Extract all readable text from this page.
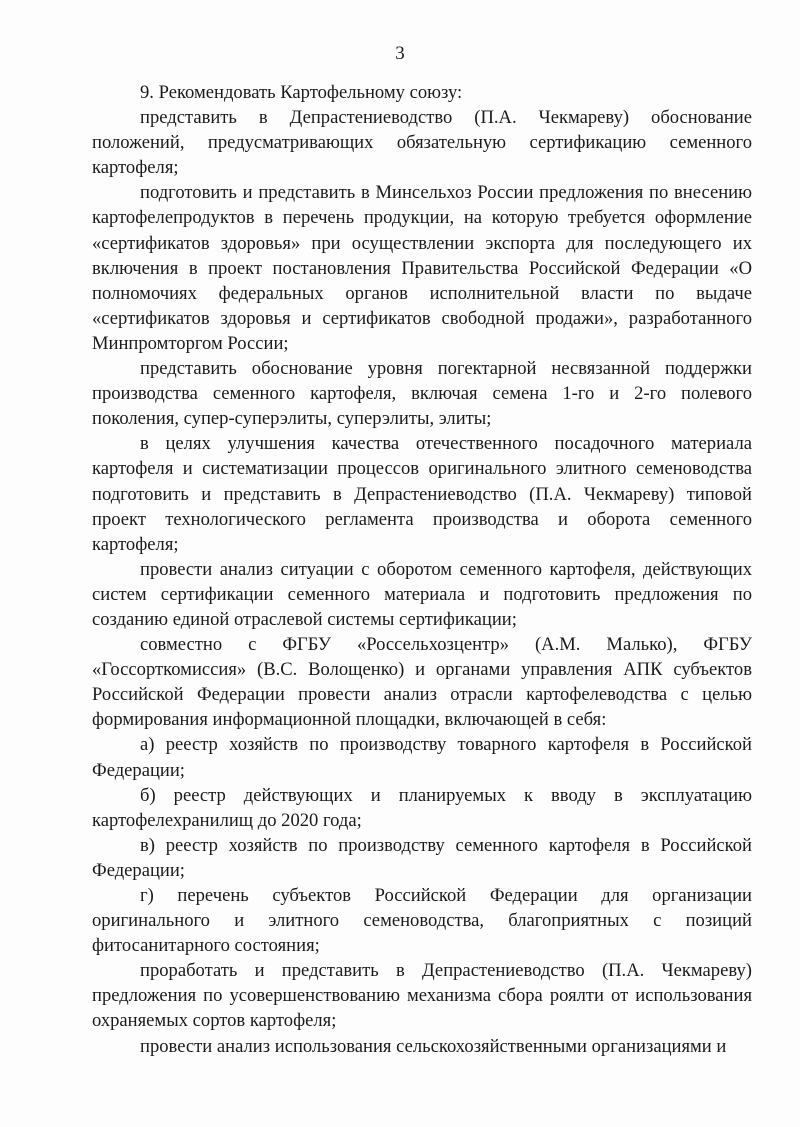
3

9. Рекомендовать Картофельному союзу:

представить в Депрастениеводство (П.А. Чекмареву) обоснование положений, предусматривающих обязательную сертификацию семенного картофеля;

подготовить и представить в Минсельхоз России предложения по внесению картофелепродуктов в перечень продукции, на которую требуется оформление «сертификатов здоровья» при осуществлении экспорта для последующего их включения в проект постановления Правительства Российской Федерации «О полномочиях федеральных органов исполнительной власти по выдаче «сертификатов здоровья и сертификатов свободной продажи», разработанного Минпромторгом России;

представить обоснование уровня погектарной несвязанной поддержки производства семенного картофеля, включая семена 1-го и 2-го полевого поколения, супер-суперэлиты, суперэлиты, элиты;

в целях улучшения качества отечественного посадочного материала картофеля и систематизации процессов оригинального элитного семеноводства подготовить и представить в Депрастениеводство (П.А. Чекмареву) типовой проект технологического регламента производства и оборота семенного картофеля;

провести анализ ситуации с оборотом семенного картофеля, действующих систем сертификации семенного материала и подготовить предложения по созданию единой отраслевой системы сертификации;

совместно с ФГБУ «Россельхозцентр» (А.М. Малько), ФГБУ «Госсорткомиссия» (В.С. Волощенко) и органами управления АПК субъектов Российской Федерации провести анализ отрасли картофелеводства с целью формирования информационной площадки, включающей в себя:

а) реестр хозяйств по производству товарного картофеля в Российской Федерации;

б) реестр действующих и планируемых к вводу в эксплуатацию картофелехранилищ до 2020 года;

в) реестр хозяйств по производству семенного картофеля в Российской Федерации;

г) перечень субъектов Российской Федерации для организации оригинального и элитного семеноводства, благоприятных с позиций фитосанитарного состояния;

проработать и представить в Депрастениеводство (П.А. Чекмареву) предложения по усовершенствованию механизма сбора роялти от использования охраняемых сортов картофеля;

провести анализ использования сельскохозяйственными организациями и
